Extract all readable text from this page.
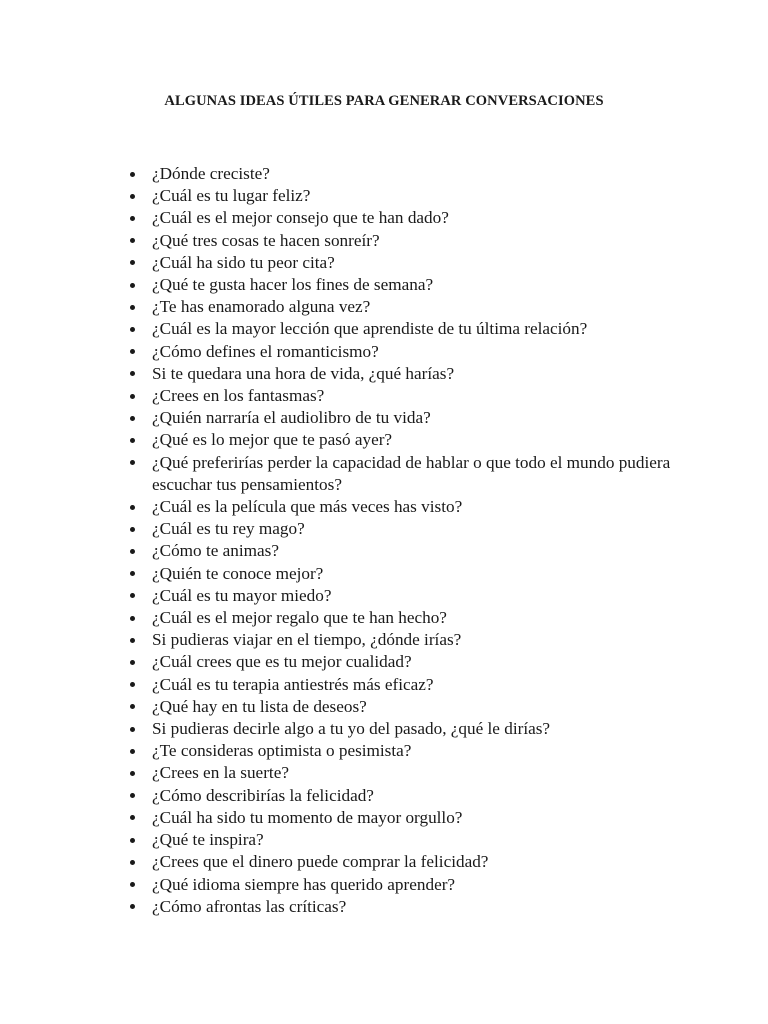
ALGUNAS IDEAS ÚTILES PARA GENERAR CONVERSACIONES
¿Dónde creciste?
¿Cuál es tu lugar feliz?
¿Cuál es el mejor consejo que te han dado?
¿Qué tres cosas te hacen sonreír?
¿Cuál ha sido tu peor cita?
¿Qué te gusta hacer los fines de semana?
¿Te has enamorado alguna vez?
¿Cuál es la mayor lección que aprendiste de tu última relación?
¿Cómo defines el romanticismo?
Si te quedara una hora de vida, ¿qué harías?
¿Crees en los fantasmas?
¿Quién narraría el audiolibro de tu vida?
¿Qué es lo mejor que te pasó ayer?
¿Qué preferirías perder la capacidad de hablar o que todo el mundo pudiera escuchar tus pensamientos?
¿Cuál es la película que más veces has visto?
¿Cuál es tu rey mago?
¿Cómo te animas?
¿Quién te conoce mejor?
¿Cuál es tu mayor miedo?
¿Cuál es el mejor regalo que te han hecho?
Si pudieras viajar en el tiempo, ¿dónde irías?
¿Cuál crees que es tu mejor cualidad?
¿Cuál es tu terapia antiestrés más eficaz?
¿Qué hay en tu lista de deseos?
Si pudieras decirle algo a tu yo del pasado, ¿qué le dirías?
¿Te consideras optimista o pesimista?
¿Crees en la suerte?
¿Cómo describirías la felicidad?
¿Cuál ha sido tu momento de mayor orgullo?
¿Qué te inspira?
¿Crees que el dinero puede comprar la felicidad?
¿Qué idioma siempre has querido aprender?
¿Cómo afrontas las críticas?
